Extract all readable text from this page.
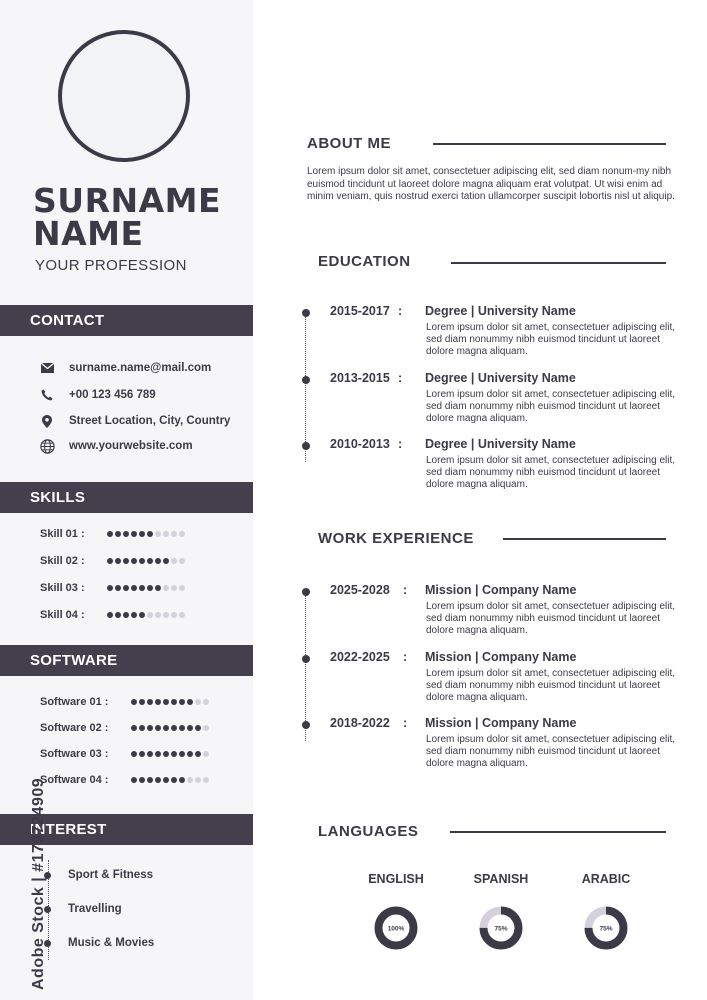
SURNAME
NAME
YOUR PROFESSION
CONTACT
surname.name@mail.com
+00 123 456 789
Street Location, City, Country
www.yourwebsite.com
SKILLS
Skill 01 :
Skill 02 :
Skill 03 :
Skill 04 :
SOFTWARE
Software 01 :
Software 02 :
Software 03 :
Software 04 :
INTEREST
Sport & Fitness
Travelling
Music & Movies
Adobe Stock | #179724909
ABOUT ME
Lorem ipsum dolor sit amet, consectetuer adipiscing elit, sed diam nonum-my nibh euismod tincidunt ut laoreet dolore magna aliquam erat volutpat. Ut wisi enim ad minim veniam, quis nostrud exerci tation ullamcorper suscipit lobortis nisl ut aliquip.
EDUCATION
2015-2017 : Degree | University Name
Lorem ipsum dolor sit amet, consectetuer adipiscing elit, sed diam nonummy nibh euismod tincidunt ut laoreet dolore magna aliquam.
2013-2015 : Degree | University Name
Lorem ipsum dolor sit amet, consectetuer adipiscing elit, sed diam nonummy nibh euismod tincidunt ut laoreet dolore magna aliquam.
2010-2013 : Degree | University Name
Lorem ipsum dolor sit amet, consectetuer adipiscing elit, sed diam nonummy nibh euismod tincidunt ut laoreet dolore magna aliquam.
WORK EXPERIENCE
2025-2028 : Mission | Company Name
Lorem ipsum dolor sit amet, consectetuer adipiscing elit, sed diam nonummy nibh euismod tincidunt ut laoreet dolore magna aliquam.
2022-2025 : Mission | Company Name
Lorem ipsum dolor sit amet, consectetuer adipiscing elit, sed diam nonummy nibh euismod tincidunt ut laoreet dolore magna aliquam.
2018-2022 : Mission | Company Name
Lorem ipsum dolor sit amet, consectetuer adipiscing elit, sed diam nonummy nibh euismod tincidunt ut laoreet dolore magna aliquam.
LANGUAGES
ENGLISH
100%
SPANISH
75%
ARABIC
75%
